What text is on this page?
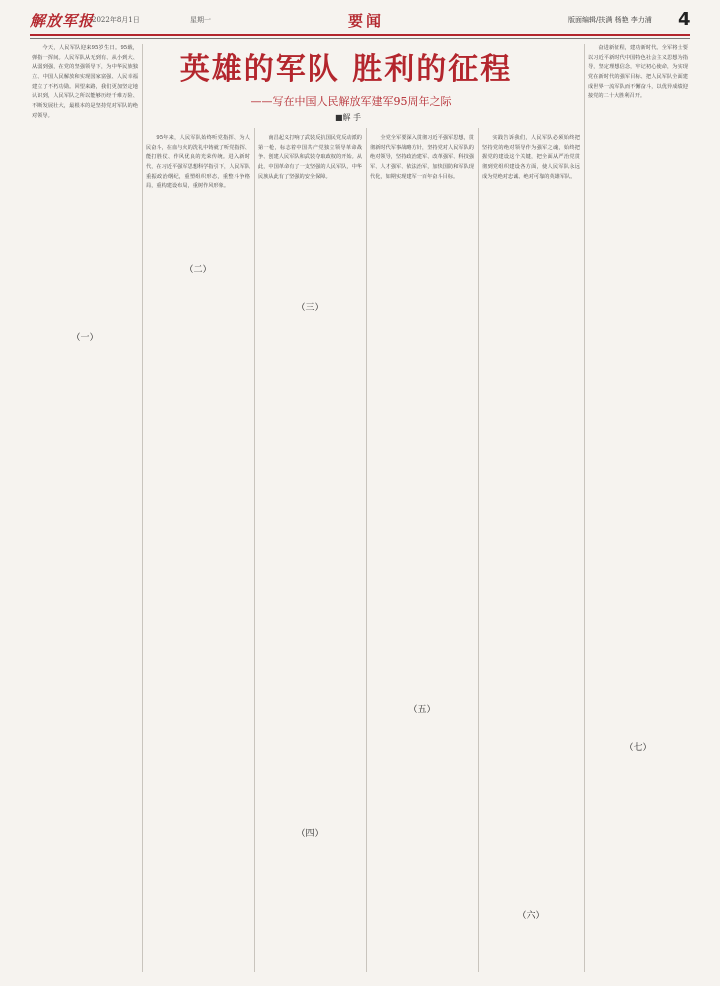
解放军报
2022年8月1日	星期一	要闻	版面编辑/扶满 杨艳 李力浦 4
英雄的军队 胜利的征程
——写在中国人民解放军建军95周年之际
■解 手

今天，人民军队迎来95岁生日。95载，弹指一挥间。人民军队从无到有、从小到大、从弱到强，在党的坚强领导下，为中华民族独立、中国人民解放和实现国家富强、人民幸福建立了不朽功勋。回望来路，我们更加坚定地认识到，人民军队之所以能够历经千难万险、不断发展壮大，最根本的是坚持党对军队的绝对领导。

（一）

95年来，人民军队始终听党指挥、为人民奋斗，在血与火的洗礼中铸就了听党指挥、能打胜仗、作风优良的光荣传统。进入新时代，在习近平强军思想科学指引下，人民军队重振政治纲纪，重塑组织形态，重整斗争格局，重构建设布局，重树作风形象。

（二）

南昌起义打响了武装反抗国民党反动派的第一枪，标志着中国共产党独立领导革命战争、创建人民军队和武装夺取政权的开始。从此，中国革命有了一支坚强的人民军队，中华民族从此有了坚强的安全保障。

（三）
（四）

全党全军要深入贯彻习近平强军思想，贯彻新时代军事战略方针，坚持党对人民军队的绝对领导，坚持政治建军、改革强军、科技强军、人才强军、依法治军，加快国防和军队现代化，如期实现建军一百年奋斗目标。

（五）

实践告诉我们，人民军队必须始终把坚持党的绝对领导作为强军之魂，始终把握党的建设这个关键，把全面从严治党贯彻到党组织建设各方面，使人民军队永远成为党绝对忠诚、绝对可靠的英雄军队。

（六）

奋进新征程，建功新时代。全军将士要以习近平新时代中国特色社会主义思想为指导，坚定理想信念，牢记初心使命，为实现党在新时代的强军目标、把人民军队全面建成世界一流军队而不懈奋斗，以优异成绩迎接党的二十大胜利召开。

（七）
